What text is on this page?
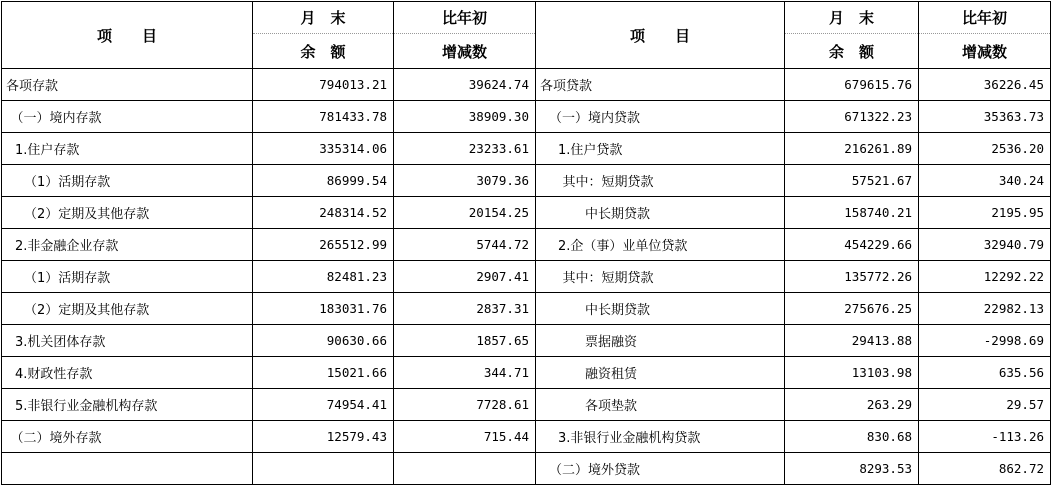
项　　目	月　末	比年初	项　　目	月　末	比年初
	余　额	增减数		余　额	增减数
各项存款	794013.21	39624.74	各项贷款	679615.76	36226.45
（一）境内存款	781433.78	38909.30	（一）境内贷款	671322.23	35363.73
1.住户存款	335314.06	23233.61	1.住户贷款	216261.89	2536.20
（1）活期存款	86999.54	3079.36	其中：短期贷款	57521.67	340.24
（2）定期及其他存款	248314.52	20154.25	中长期贷款	158740.21	2195.95
2.非金融企业存款	265512.99	5744.72	2.企（事）业单位贷款	454229.66	32940.79
（1）活期存款	82481.23	2907.41	其中：短期贷款	135772.26	12292.22
（2）定期及其他存款	183031.76	2837.31	中长期贷款	275676.25	22982.13
3.机关团体存款	90630.66	1857.65	票据融资	29413.88	-2998.69
4.财政性存款	15021.66	344.71	融资租赁	13103.98	635.56
5.非银行业金融机构存款	74954.41	7728.61	各项垫款	263.29	29.57
（二）境外存款	12579.43	715.44	3.非银行业金融机构贷款	830.68	-113.26
			（二）境外贷款	8293.53	862.72
